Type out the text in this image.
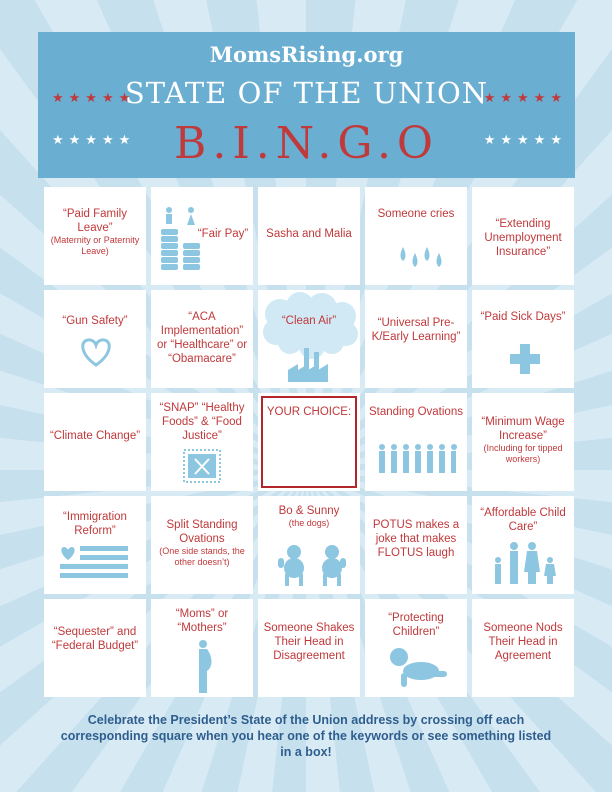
MomsRising.org
★★★★★	★★★★★
STATE OF THE UNION
★★★★★	★★★★★
B.I.N.G.O
“Paid Family Leave”
(Maternity or Paternity Leave)
“Fair Pay”	Sasha and Malia
Someone cries
“Extending Unemployment Insurance”
“Gun Safety”	“ACA Implementation” or “Healthcare” or “Obamacare”
“Clean Air”	“Universal Pre-K/Early Learning”
“Paid Sick Days”
“Climate Change”
“SNAP” “Healthy Foods” & “Food Justice”
YOUR CHOICE:	Standing Ovations
“Minimum Wage Increase”
(Including for tipped workers)
“Immigration Reform”	Split Standing Ovations
(One side stands, the other doesn’t)
Bo & Sunny
(the dogs)	POTUS makes a joke that makes FLOTUS laugh
“Affordable Child Care”
“Sequester” and “Federal Budget”
“Moms” or “Mothers”	Someone Shakes Their Head in Disagreement
“Protecting Children”	Someone Nods Their Head in Agreement
Celebrate the President’s State of the Union address by crossing off each corresponding square when you hear one of the keywords or see something listed in a box!
